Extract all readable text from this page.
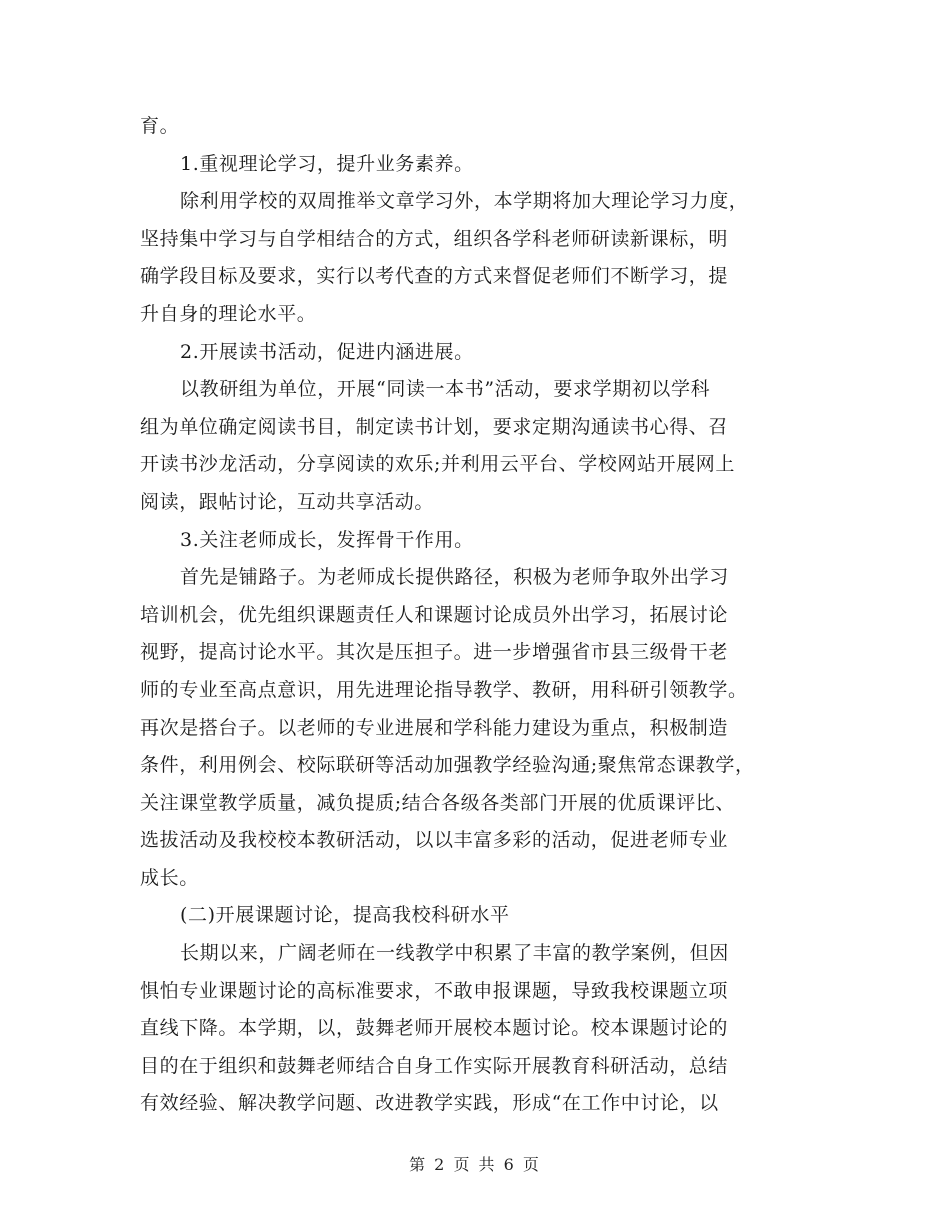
育。
1.重视理论学习，提升业务素养。
除利用学校的双周推举文章学习外，本学期将加大理论学习力度，
坚持集中学习与自学相结合的方式，组织各学科老师研读新课标，明
确学段目标及要求，实行以考代查的方式来督促老师们不断学习，提
升自身的理论水平。
2.开展读书活动，促进内涵进展。
以教研组为单位，开展“同读一本书”活动，要求学期初以学科
组为单位确定阅读书目，制定读书计划，要求定期沟通读书心得、召
开读书沙龙活动，分享阅读的欢乐;并利用云平台、学校网站开展网上
阅读，跟帖讨论，互动共享活动。
3.关注老师成长，发挥骨干作用。
首先是铺路子。为老师成长提供路径，积极为老师争取外出学习
培训机会，优先组织课题责任人和课题讨论成员外出学习，拓展讨论
视野，提高讨论水平。其次是压担子。进一步增强省市县三级骨干老
师的专业至高点意识，用先进理论指导教学、教研，用科研引领教学。
再次是搭台子。以老师的专业进展和学科能力建设为重点，积极制造
条件，利用例会、校际联研等活动加强教学经验沟通;聚焦常态课教学，
关注课堂教学质量，减负提质;结合各级各类部门开展的优质课评比、
选拔活动及我校校本教研活动，以以丰富多彩的活动，促进老师专业
成长。
(二)开展课题讨论，提高我校科研水平
长期以来，广阔老师在一线教学中积累了丰富的教学案例，但因
惧怕专业课题讨论的高标准要求，不敢申报课题，导致我校课题立项
直线下降。本学期，以，鼓舞老师开展校本题讨论。校本课题讨论的
目的在于组织和鼓舞老师结合自身工作实际开展教育科研活动，总结
有效经验、解决教学问题、改进教学实践，形成“在工作中讨论，以
第 2 页 共 6 页
